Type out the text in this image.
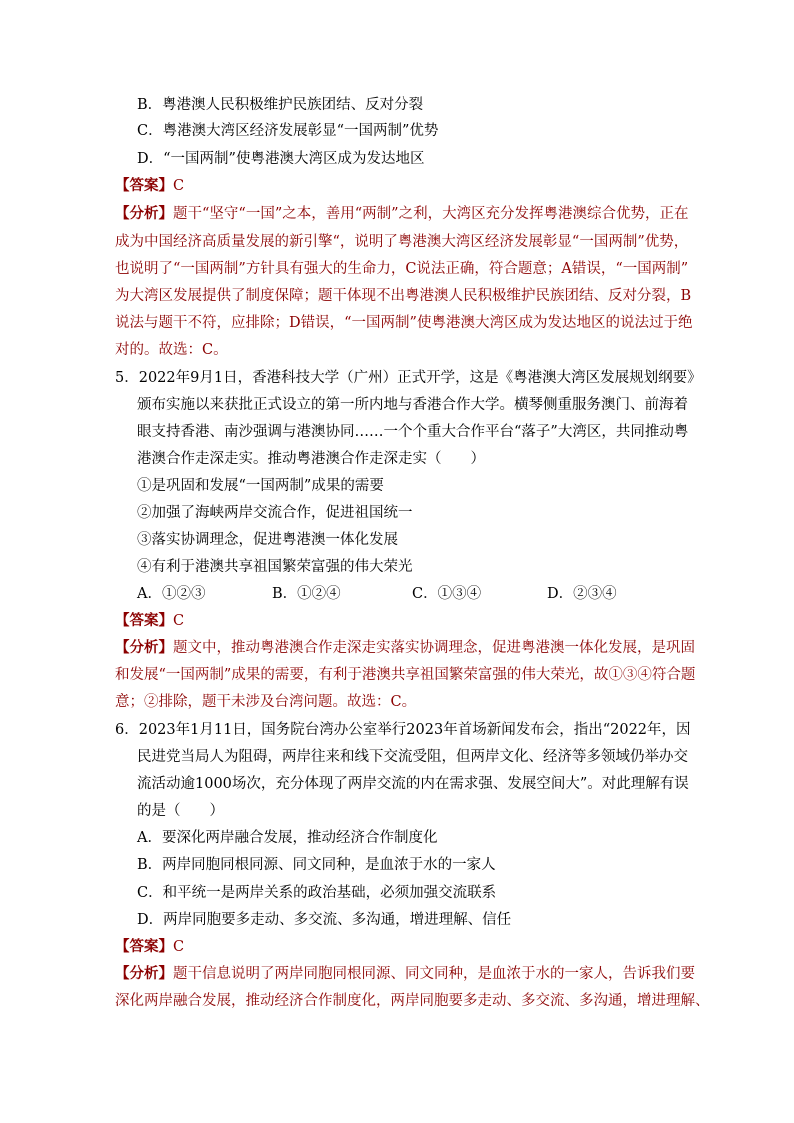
B．粤港澳人民积极维护民族团结、反对分裂
C．粤港澳大湾区经济发展彰显“一国两制”优势
D．“一国两制”使粤港澳大湾区成为发达地区
【答案】C
【分析】题干“坚守“一国”之本，善用“两制”之利，大湾区充分发挥粤港澳综合优势，正在
成为中国经济高质量发展的新引擎“，说明了粤港澳大湾区经济发展彰显“一国两制”优势，
也说明了“一国两制”方针具有强大的生命力，C说法正确，符合题意；A错误，“一国两制”
为大湾区发展提供了制度保障；题干体现不出粤港澳人民积极维护民族团结、反对分裂，B
说法与题干不符，应排除；D错误，“一国两制”使粤港澳大湾区成为发达地区的说法过于绝
对的。故选：C。
5．2022年9月1日，香港科技大学（广州）正式开学，这是《粤港澳大湾区发展规划纲要》
颁布实施以来获批正式设立的第一所内地与香港合作大学。横琴侧重服务澳门、前海着
眼支持香港、南沙强调与港澳协同……一个个重大合作平台“落子”大湾区，共同推动粤
港澳合作走深走实。推动粤港澳合作走深走实（　　）
①是巩固和发展“一国两制”成果的需要
②加强了海峡两岸交流合作，促进祖国统一
③落实协调理念，促进粤港澳一体化发展
④有利于港澳共享祖国繁荣富强的伟大荣光
A．①②③	B．①②④	C．①③④	D．②③④
【答案】C
【分析】题文中，推动粤港澳合作走深走实落实协调理念，促进粤港澳一体化发展，是巩固
和发展“一国两制”成果的需要，有利于港澳共享祖国繁荣富强的伟大荣光，故①③④符合题
意；②排除，题干未涉及台湾问题。故选：C。
6．2023年1月11日，国务院台湾办公室举行2023年首场新闻发布会，指出“2022年，因
民进党当局人为阻碍，两岸往来和线下交流受阻，但两岸文化、经济等多领域仍举办交
流活动逾1000场次，充分体现了两岸交流的内在需求强、发展空间大”。对此理解有误
的是（　　）
A．要深化两岸融合发展，推动经济合作制度化
B．两岸同胞同根同源、同文同种，是血浓于水的一家人
C．和平统一是两岸关系的政治基础，必须加强交流联系
D．两岸同胞要多走动、多交流、多沟通，增进理解、信任
【答案】C
【分析】题干信息说明了两岸同胞同根同源、同文同种，是血浓于水的一家人，告诉我们要
深化两岸融合发展，推动经济合作制度化，两岸同胞要多走动、多交流、多沟通，增进理解、
